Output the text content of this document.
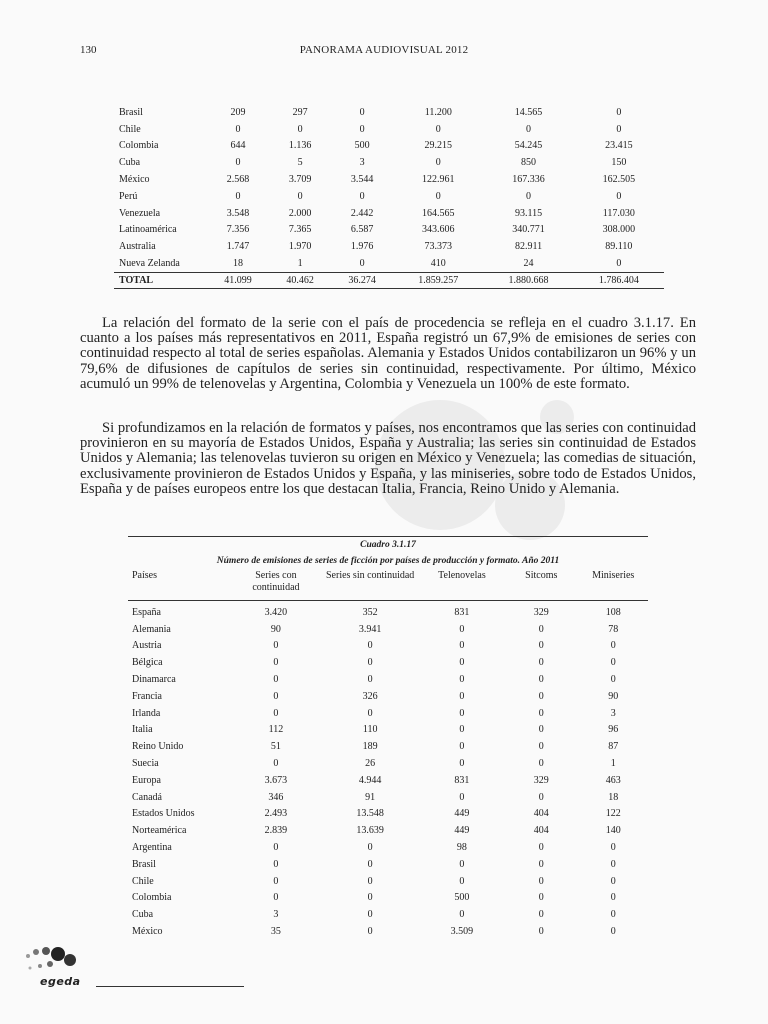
130	PANORAMA AUDIOVISUAL 2012
Brasil	209	297	0	11.200	14.565	0
Chile	0	0	0	0	0	0
Colombia	644	1.136	500	29.215	54.245	23.415
Cuba	0	5	3	0	850	150
México	2.568	3.709	3.544	122.961	167.336	162.505
Perú	0	0	0	0	0	0
Venezuela	3.548	2.000	2.442	164.565	93.115	117.030
Latinoamérica	7.356	7.365	6.587	343.606	340.771	308.000
Australia	1.747	1.970	1.976	73.373	82.911	89.110
Nueva Zelanda	18	1	0	410	24	0
TOTAL	41.099	40.462	36.274	1.859.257	1.880.668	1.786.404

La relación del formato de la serie con el país de procedencia se refleja en el cuadro 3.1.17. En cuanto a los países más representativos en 2011, España registró un 67,9% de emisiones de series con continuidad respecto al total de series españolas. Alemania y Estados Unidos contabilizaron un 96% y un 79,6% de difusiones de capítulos de series sin continuidad, respectivamente. Por último, México acumuló un 99% de telenovelas y Argentina, Colombia y Venezuela un 100% de este formato.

Si profundizamos en la relación de formatos y países, nos encontramos que las series con continuidad provinieron en su mayoría de Estados Unidos, España y Australia; las series sin continuidad de Estados Unidos y Alemania; las telenovelas tuvieron su origen en México y Venezuela; las comedias de situación, exclusivamente provinieron de Estados Unidos y España, y las miniseries, sobre todo de Estados Unidos, España y de países europeos entre los que destacan Italia, Francia, Reino Unido y Alemania.

Cuadro 3.1.17
Número de emisiones de series de ficción por países de producción y formato. Año 2011
Países	Series con continuidad	Series sin continuidad	Telenovelas	Sitcoms	Miniseries
España	3.420	352	831	329	108
Alemania	90	3.941	0	0	78
Austria	0	0	0	0	0
Bélgica	0	0	0	0	0
Dinamarca	0	0	0	0	0
Francia	0	326	0	0	90
Irlanda	0	0	0	0	3
Italia	112	110	0	0	96
Reino Unido	51	189	0	0	87
Suecia	0	26	0	0	1
Europa	3.673	4.944	831	329	463
Canadá	346	91	0	0	18
Estados Unidos	2.493	13.548	449	404	122
Norteamérica	2.839	13.639	449	404	140
Argentina	0	0	98	0	0
Brasil	0	0	0	0	0
Chile	0	0	0	0	0
Colombia	0	0	500	0	0
Cuba	3	0	0	0	0
México	35	0	3.509	0	0
egeda
